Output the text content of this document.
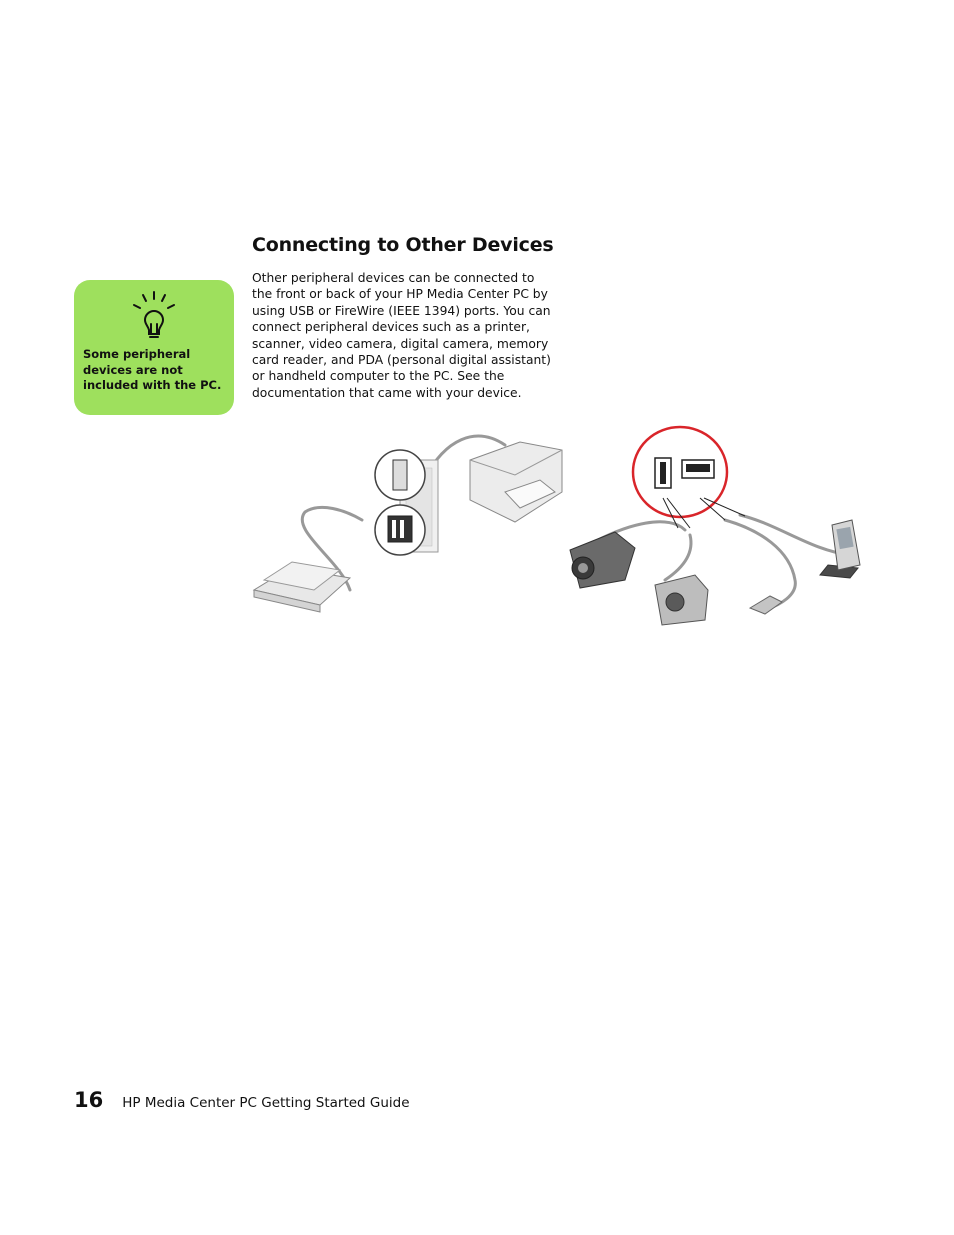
Connecting to Other Devices
Other peripheral devices can be connected to the front or back of your HP Media Center PC by using USB or FireWire (IEEE 1394) ports. You can connect peripheral devices such as a printer, scanner, video camera, digital camera, memory card reader, and PDA (personal digital assistant) or handheld computer to the PC. See the documentation that came with your device.
Some peripheral devices are not included with the PC.
16 HP Media Center PC Getting Started Guide
